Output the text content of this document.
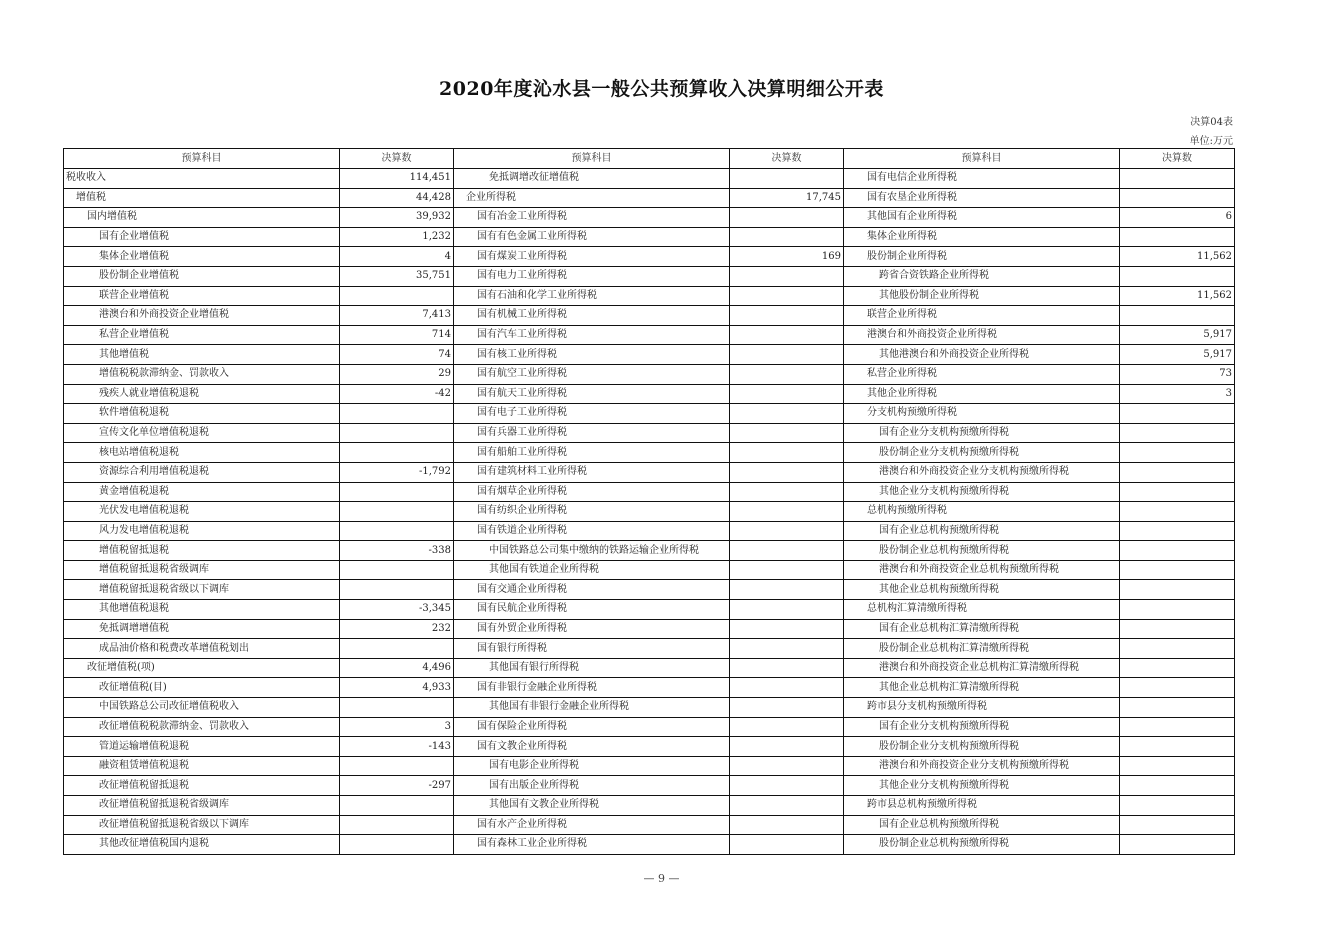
2020年度沁水县一般公共预算收入决算明细公开表
决算04表
单位:万元
预算科目	决算数	预算科目	决算数	预算科目	决算数
税收收入	114,451	免抵调增改征增值税		国有电信企业所得税	
增值税	44,428	企业所得税	17,745	国有农垦企业所得税	
国内增值税	39,932	国有冶金工业所得税		其他国有企业所得税	6
国有企业增值税	1,232	国有有色金属工业所得税		集体企业所得税	
集体企业增值税	4	国有煤炭工业所得税	169	股份制企业所得税	11,562
股份制企业增值税	35,751	国有电力工业所得税		跨省合资铁路企业所得税	
联营企业增值税		国有石油和化学工业所得税		其他股份制企业所得税	11,562
港澳台和外商投资企业增值税	7,413	国有机械工业所得税		联营企业所得税	
私营企业增值税	714	国有汽车工业所得税		港澳台和外商投资企业所得税	5,917
其他增值税	74	国有核工业所得税		其他港澳台和外商投资企业所得税	5,917
增值税税款滞纳金、罚款收入	29	国有航空工业所得税		私营企业所得税	73
残疾人就业增值税退税	-42	国有航天工业所得税		其他企业所得税	3
软件增值税退税		国有电子工业所得税		分支机构预缴所得税	
宣传文化单位增值税退税		国有兵器工业所得税		国有企业分支机构预缴所得税	
核电站增值税退税		国有船舶工业所得税		股份制企业分支机构预缴所得税	
资源综合利用增值税退税	-1,792	国有建筑材料工业所得税		港澳台和外商投资企业分支机构预缴所得税	
黄金增值税退税		国有烟草企业所得税		其他企业分支机构预缴所得税	
光伏发电增值税退税		国有纺织企业所得税		总机构预缴所得税	
风力发电增值税退税		国有铁道企业所得税		国有企业总机构预缴所得税	
增值税留抵退税	-338	中国铁路总公司集中缴纳的铁路运输企业所得税		股份制企业总机构预缴所得税	
增值税留抵退税省级调库		其他国有铁道企业所得税		港澳台和外商投资企业总机构预缴所得税	
增值税留抵退税省级以下调库		国有交通企业所得税		其他企业总机构预缴所得税	
其他增值税退税	-3,345	国有民航企业所得税		总机构汇算清缴所得税	
免抵调增增值税	232	国有外贸企业所得税		国有企业总机构汇算清缴所得税	
成品油价格和税费改革增值税划出		国有银行所得税		股份制企业总机构汇算清缴所得税	
改征增值税(项)	4,496	其他国有银行所得税		港澳台和外商投资企业总机构汇算清缴所得税	
改征增值税(目)	4,933	国有非银行金融企业所得税		其他企业总机构汇算清缴所得税	
中国铁路总公司改征增值税收入		其他国有非银行金融企业所得税		跨市县分支机构预缴所得税	
改征增值税税款滞纳金、罚款收入	3	国有保险企业所得税		国有企业分支机构预缴所得税	
管道运输增值税退税	-143	国有文教企业所得税		股份制企业分支机构预缴所得税	
融资租赁增值税退税		国有电影企业所得税		港澳台和外商投资企业分支机构预缴所得税	
改征增值税留抵退税	-297	国有出版企业所得税		其他企业分支机构预缴所得税	
改征增值税留抵退税省级调库		其他国有文教企业所得税		跨市县总机构预缴所得税	
改征增值税留抵退税省级以下调库		国有水产企业所得税		国有企业总机构预缴所得税	
其他改征增值税国内退税		国有森林工业企业所得税		股份制企业总机构预缴所得税	
— 9 —
